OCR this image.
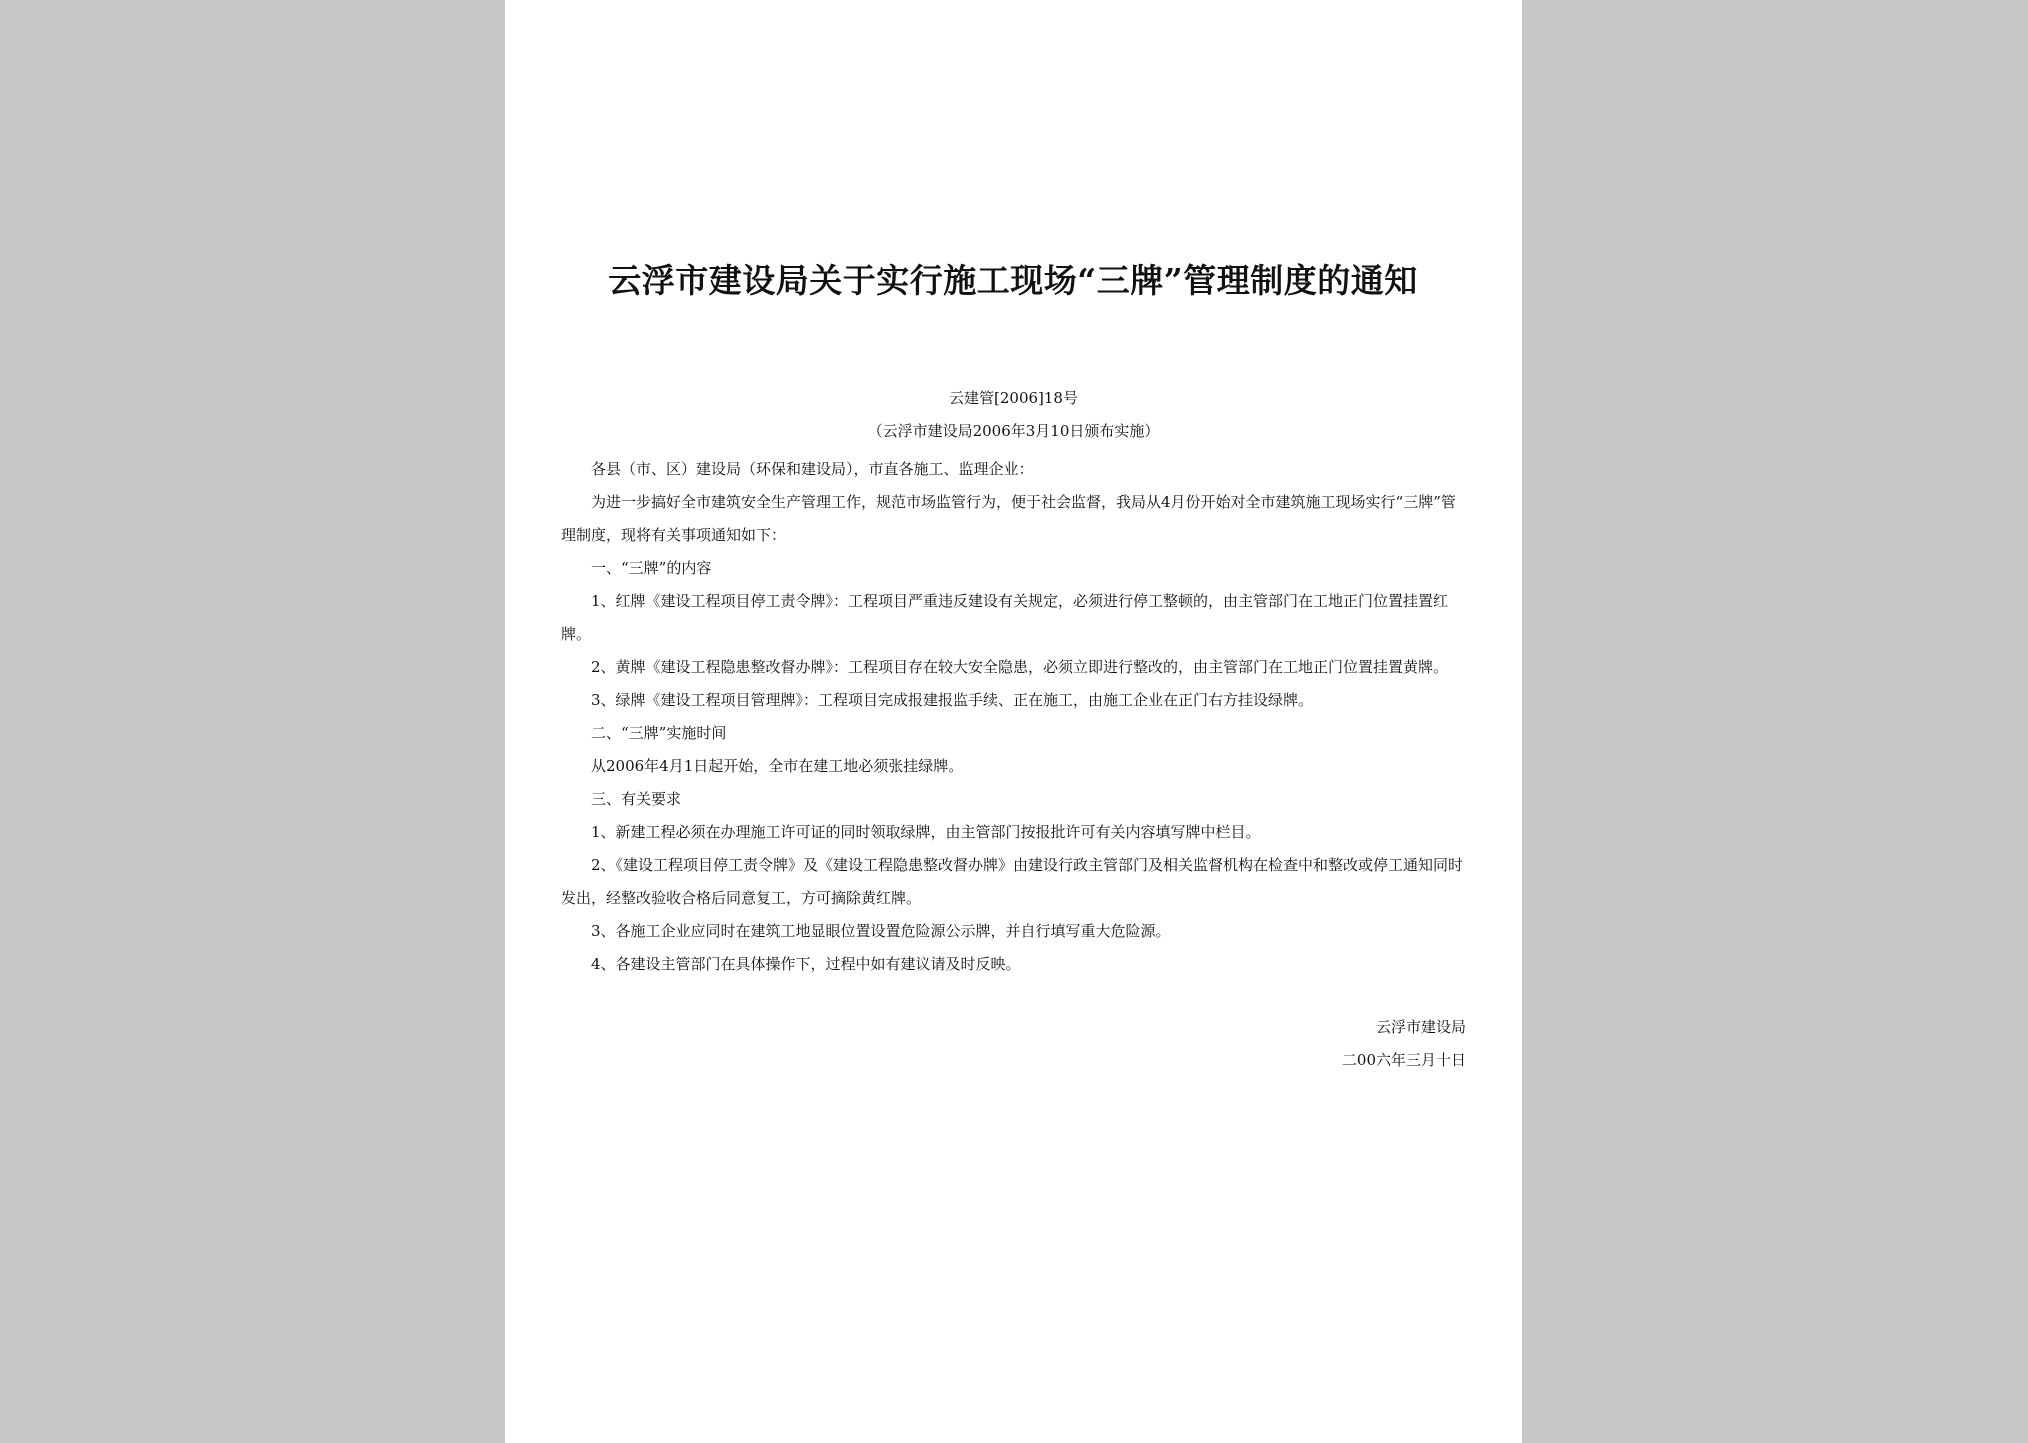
云浮市建设局关于实行施工现场“三牌”管理制度的通知
云建管[2006]18号
（云浮市建设局2006年3月10日颁布实施）

各县（市、区）建设局（环保和建设局），市直各施工、监理企业：

为进一步搞好全市建筑安全生产管理工作，规范市场监管行为，便于社会监督，我局从4月份开始对全市建筑施工现场实行“三牌”管理制度，现将有关事项通知如下：

一、“三牌”的内容

1、红牌《建设工程项目停工责令牌》：工程项目严重违反建设有关规定，必须进行停工整顿的，由主管部门在工地正门位置挂置红牌。

2、黄牌《建设工程隐患整改督办牌》：工程项目存在较大安全隐患，必须立即进行整改的，由主管部门在工地正门位置挂置黄牌。

3、绿牌《建设工程项目管理牌》：工程项目完成报建报监手续、正在施工，由施工企业在正门右方挂设绿牌。

二、“三牌”实施时间

从2006年4月1日起开始，全市在建工地必须张挂绿牌。

三、有关要求

1、新建工程必须在办理施工许可证的同时领取绿牌，由主管部门按报批许可有关内容填写牌中栏目。

2、《建设工程项目停工责令牌》及《建设工程隐患整改督办牌》由建设行政主管部门及相关监督机构在检查中和整改或停工通知同时发出，经整改验收合格后同意复工，方可摘除黄红牌。

3、各施工企业应同时在建筑工地显眼位置设置危险源公示牌，并自行填写重大危险源。

4、各建设主管部门在具体操作下，过程中如有建议请及时反映。

云浮市建设局
二00六年三月十日
